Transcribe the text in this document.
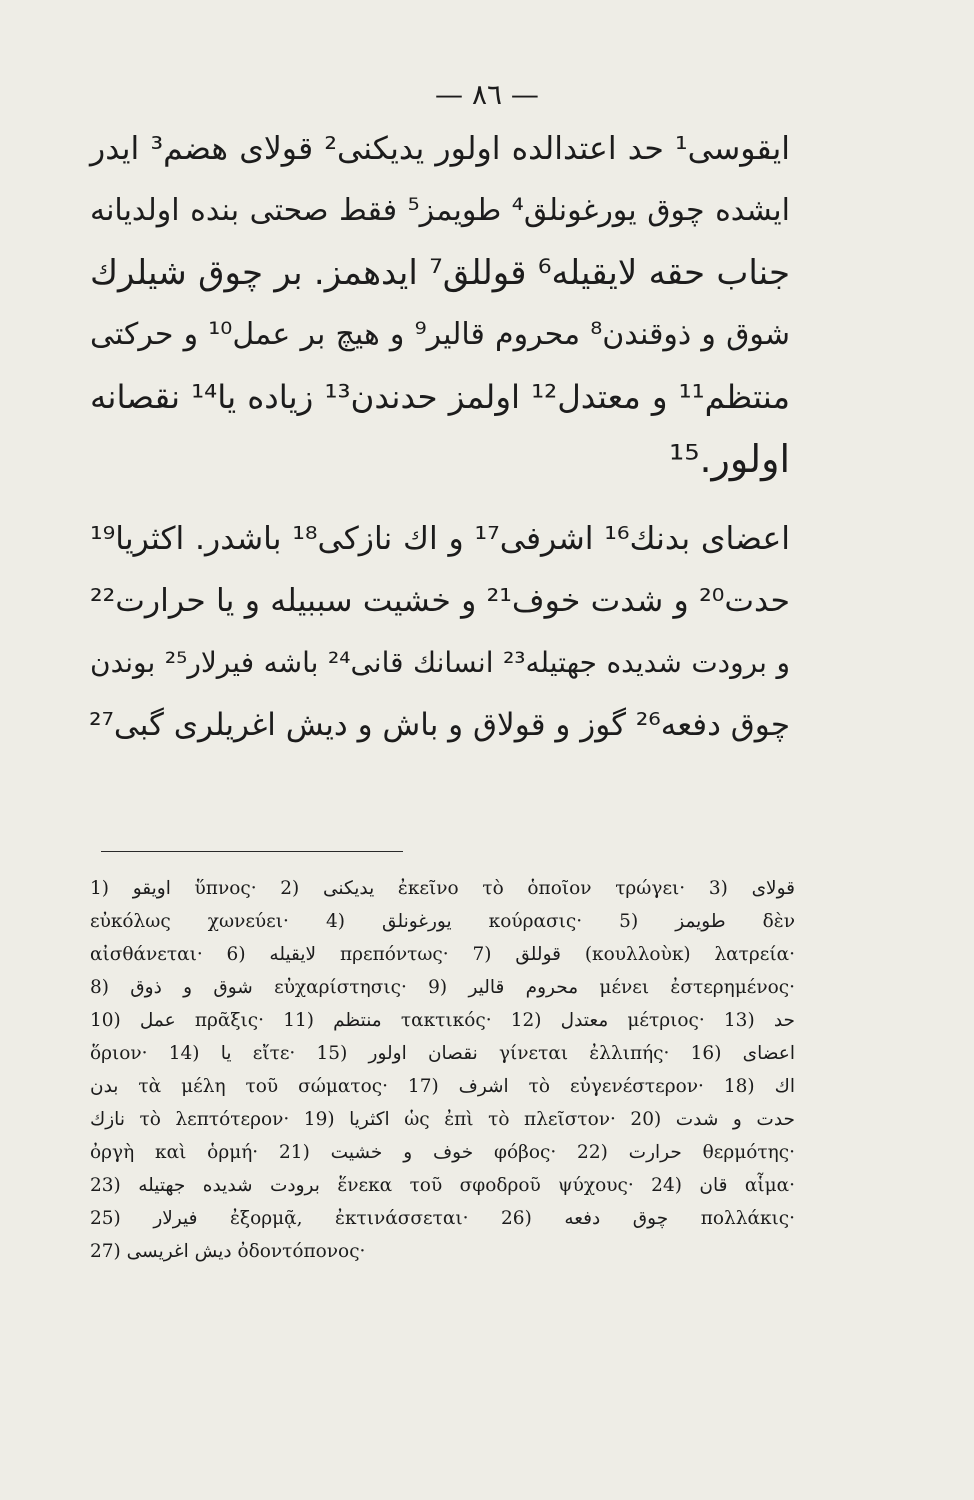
— ٨٦ —
ایقوسی¹ حد اعتدالده اولور یدیکنی² قولای هضم³ ایدر
ایشده چوق یورغونلق⁴ طویمز⁵ فقط صحتی بنده اولدیانه
جناب حقه لایقیله⁶ قوللق⁷ ایدهمز. بر چوق شیلرك
شوق و ذوقندن⁸ محروم قالیر⁹ و هیچ بر عمل¹⁰ و حرکتی
منتظم¹¹ و معتدل¹² اولمز حدندن¹³ زیاده یا¹⁴ نقصانه
اولور.¹⁵
اعضای بدنك¹⁶ اشرفی¹⁷ و اك نازكی¹⁸ باشدر. اكثریا¹⁹
حدت²⁰ و شدت خوف²¹ و خشیت سببیله و یا حرارت²²
و برودت شدیده جهتیله²³ انسانك قانی²⁴ باشه فیرلار²⁵ بوندن
چوق دفعه²⁶ گوز و قولاق و باش و دیش اغریلری گبی²⁷
1) اویقو ὕπνος· 2) یدیکنی ἐκεῖνο τὸ ὁποῖον τρώγει· 3) قولای
εὐκόλως χωνεύει· 4) یورغونلق κούρασις· 5) طویمز δὲν
αἰσθάνεται· 6) لایقیله πρεπόντως· 7) قوللق (κουλλοὺκ) λατρεία·
8) شوق و ذوق εὐχαρίστησις· 9) محروم قالیر μένει ἐστερημένος·
10) عمل πρᾶξις· 11) منتظم τακτικός· 12) معتدل μέτριος· 13) حد
ὅριον· 14) یا εἴτε· 15) نقصان اولور γίνεται ἐλλιπής· 16) اعضای
بدن τὰ μέλη τοῦ σώματος· 17) اشرف τὸ εὐγενέστερον· 18) اك
نازك τὸ λεπτότερον· 19) اكثریا ὡς ἐπὶ τὸ πλεῖστον· 20) حدت و شدت
ὀργὴ καὶ ὁρμή· 21) خوف و خشیت φόβος· 22) حرارت θερμότης·
23) برودت شدیده جهتیله ἕνεκα τοῦ σφοδροῦ ψύχους· 24) قان αἷμα·
25) فیرلار ἐξορμᾷ, ἐκτινάσσεται· 26) چوق دفعه πολλάκις·
27) دیش اغریسی ὀδοντόπονος·
